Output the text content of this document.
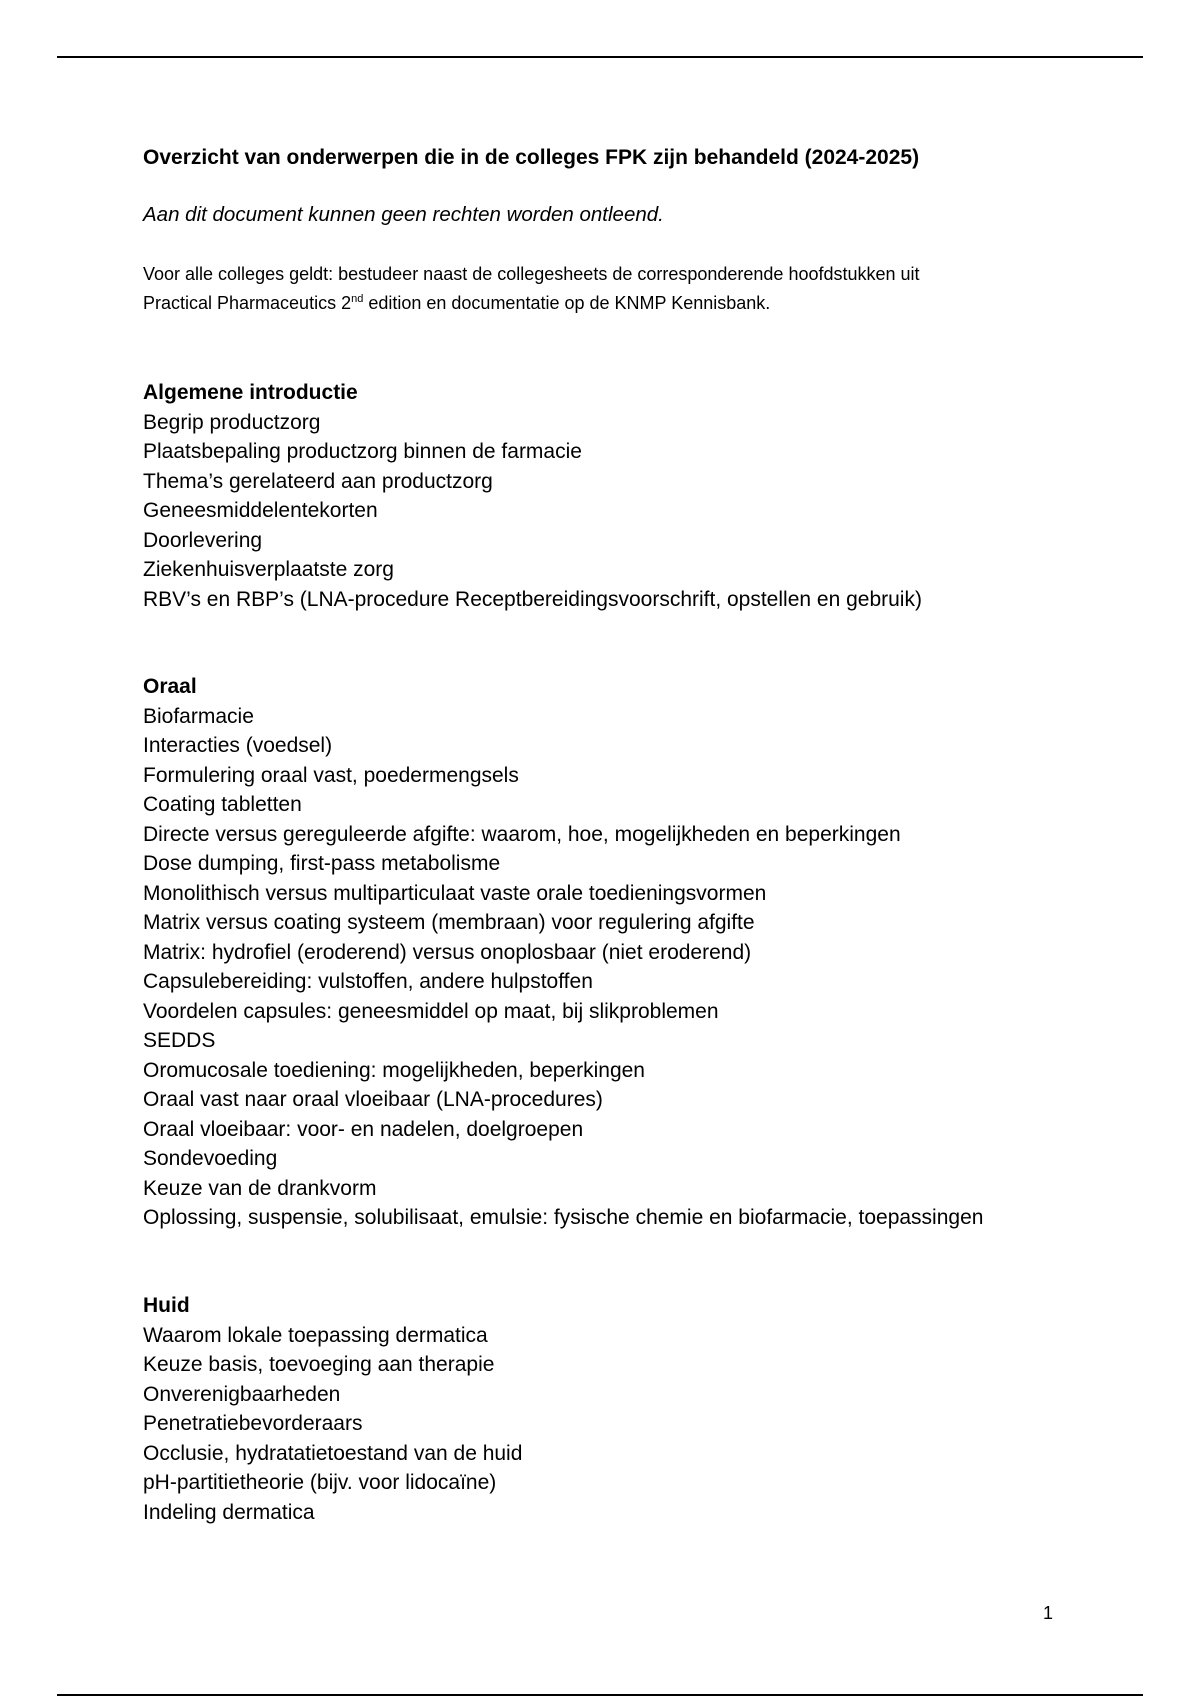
Overzicht van onderwerpen die in de colleges FPK zijn behandeld (2024-2025)
Aan dit document kunnen geen rechten worden ontleend.

Voor alle colleges geldt: bestudeer naast de collegesheets de corresponderende hoofdstukken uit

Practical Pharmaceutics 2nd edition en documentatie op de KNMP Kennisbank.

Algemene introductie
Begrip productzorg
Plaatsbepaling productzorg binnen de farmacie
Thema’s gerelateerd aan productzorg
Geneesmiddelentekorten
Doorlevering
Ziekenhuisverplaatste zorg
RBV’s en RBP’s (LNA-procedure Receptbereidingsvoorschrift, opstellen en gebruik)
Oraal
Biofarmacie
Interacties (voedsel)
Formulering oraal vast, poedermengsels
Coating tabletten
Directe versus gereguleerde afgifte: waarom, hoe, mogelijkheden en beperkingen
Dose dumping, first-pass metabolisme
Monolithisch versus multiparticulaat vaste orale toedieningsvormen
Matrix versus coating systeem (membraan) voor regulering afgifte
Matrix: hydrofiel (eroderend) versus onoplosbaar (niet eroderend)
Capsulebereiding: vulstoffen, andere hulpstoffen
Voordelen capsules: geneesmiddel op maat, bij slikproblemen
SEDDS
Oromucosale toediening: mogelijkheden, beperkingen
Oraal vast naar oraal vloeibaar (LNA-procedures)
Oraal vloeibaar: voor- en nadelen, doelgroepen
Sondevoeding
Keuze van de drankvorm
Oplossing, suspensie, solubilisaat, emulsie: fysische chemie en biofarmacie, toepassingen
Huid
Waarom lokale toepassing dermatica
Keuze basis, toevoeging aan therapie
Onverenigbaarheden
Penetratiebevorderaars
Occlusie, hydratatietoestand van de huid
pH-partitietheorie (bijv. voor lidocaïne)
Indeling dermatica
1
